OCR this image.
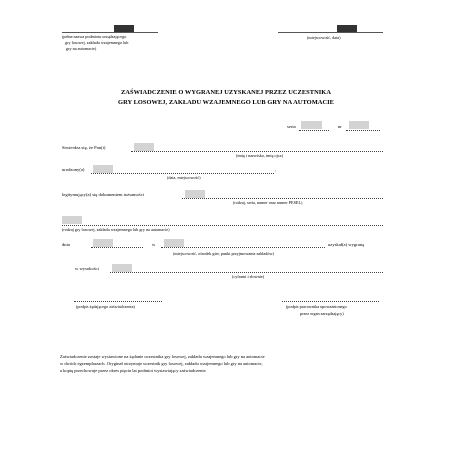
(pełna nazwa podmiotu urządzającego
gry losowej, zakładu wzajemnego lub
gry na automacie)
(miejscowość, data)
ZAŚWIADCZENIE O WYGRANEJ UZYSKANEJ PRZEZ UCZESTNIKA
GRY LOSOWEJ, ZAKŁADU WZAJEMNEGO LUB GRY NA AUTOMACIE
seria	nr
Stwierdza się, że Pan(i)
(imię i nazwisko, imię ojca)
urodzony(a)	,
(data, miejscowość)
legitymujący(a) się dokumentem tożsamości
(rodzaj, seria, numer oraz numer PESEL)
(rodzaj gry losowej, zakładu wzajemnego lub gry na automacie)
dnia	w	uzyskał(a) wygraną
(miejscowość, ośrodek gier, punkt przyjmowania zakładów)
w wysokości
(cyframi i słownie)
(podpis żądającego zaświadczenia)	(podpis pracownika upoważnionego
przez organ zarządzający)
Zaświadczenie zostaje wystawione na żądanie uczestnika gry losowej, zakładu wzajemnego lub gry na automacie
w dwóch egzemplarzach. Oryginał otrzymuje uczestnik gry losowej, zakładu wzajemnego lub gry na automacie,
a kopię przechowuje przez okres pięciu lat podmiot wystawiający zaświadczenie.
